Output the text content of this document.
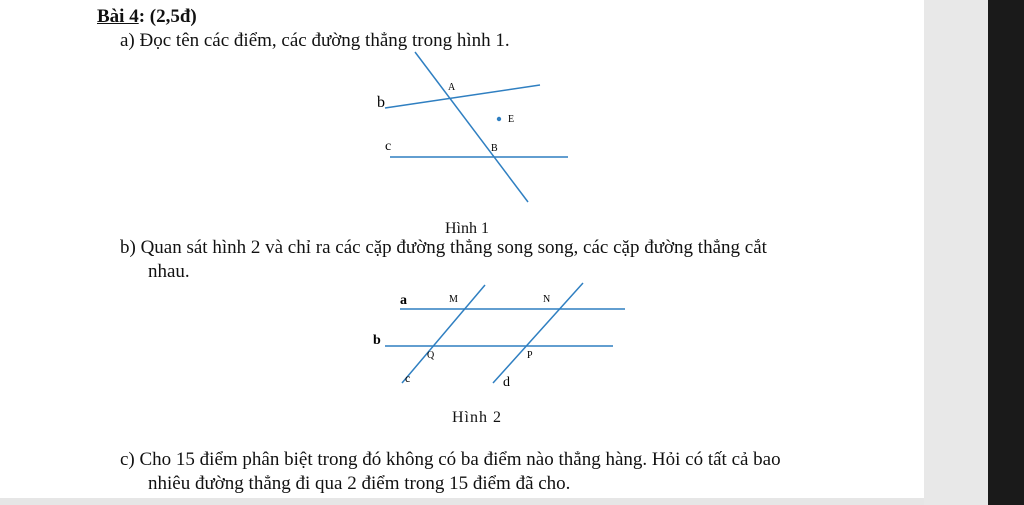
Bài 4: (2,5đ)
a) Đọc tên các điểm, các đường thẳng trong hình 1.
b
A
E
c	B
Hình 1
b) Quan sát hình 2 và chỉ ra các cặp đường thẳng song song, các cặp đường thẳng cắt
nhau.
a	M	N
b
Q	P
c	d
Hình 2
c) Cho 15 điểm phân biệt trong đó không có ba điểm nào thẳng hàng. Hỏi có tất cả bao
nhiêu đường thẳng đi qua 2 điểm trong 15 điểm đã cho.
